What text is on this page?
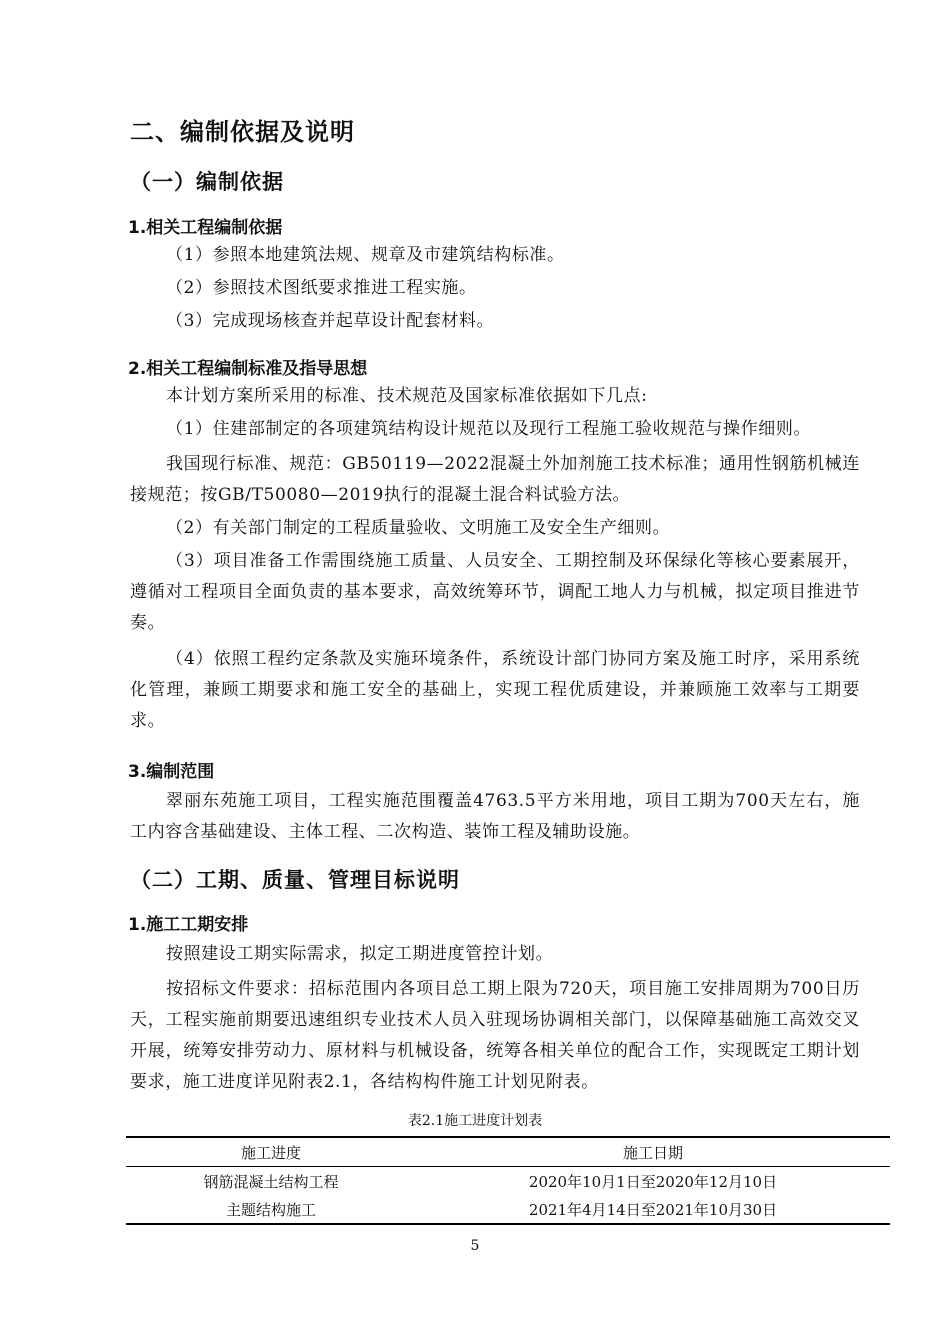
二、编制依据及说明
（一）编制依据
1.相关工程编制依据
（1）参照本地建筑法规、规章及市建筑结构标准。
（2）参照技术图纸要求推进工程实施。
（3）完成现场核查并起草设计配套材料。
2.相关工程编制标准及指导思想
本计划方案所采用的标准、技术规范及国家标准依据如下几点:
（1）住建部制定的各项建筑结构设计规范以及现行工程施工验收规范与操作细则。
我国现行标准、规范：GB50119—2022混凝土外加剂施工技术标准；通用性钢筋机械连接规范；按GB/T50080—2019执行的混凝土混合料试验方法。
（2）有关部门制定的工程质量验收、文明施工及安全生产细则。
（3）项目准备工作需围绕施工质量、人员安全、工期控制及环保绿化等核心要素展开，遵循对工程项目全面负责的基本要求，高效统筹环节，调配工地人力与机械，拟定项目推进节奏。
（4）依照工程约定条款及实施环境条件，系统设计部门协同方案及施工时序，采用系统化管理，兼顾工期要求和施工安全的基础上，实现工程优质建设，并兼顾施工效率与工期要求。
3.编制范围
翠丽东苑施工项目，工程实施范围覆盖4763.5平方米用地，项目工期为700天左右，施工内容含基础建设、主体工程、二次构造、装饰工程及辅助设施。
（二）工期、质量、管理目标说明
1.施工工期安排
按照建设工期实际需求，拟定工期进度管控计划。
按招标文件要求：招标范围内各项目总工期上限为720天，项目施工安排周期为700日历天，工程实施前期要迅速组织专业技术人员入驻现场协调相关部门，以保障基础施工高效交叉开展，统筹安排劳动力、原材料与机械设备，统筹各相关单位的配合工作，实现既定工期计划要求，施工进度详见附表2.1，各结构构件施工计划见附表。
表2.1施工进度计划表
施工进度	施工日期
钢筋混凝土结构工程	2020年10月1日至2020年12月10日
主题结构施工	2021年4月14日至2021年10月30日
5
